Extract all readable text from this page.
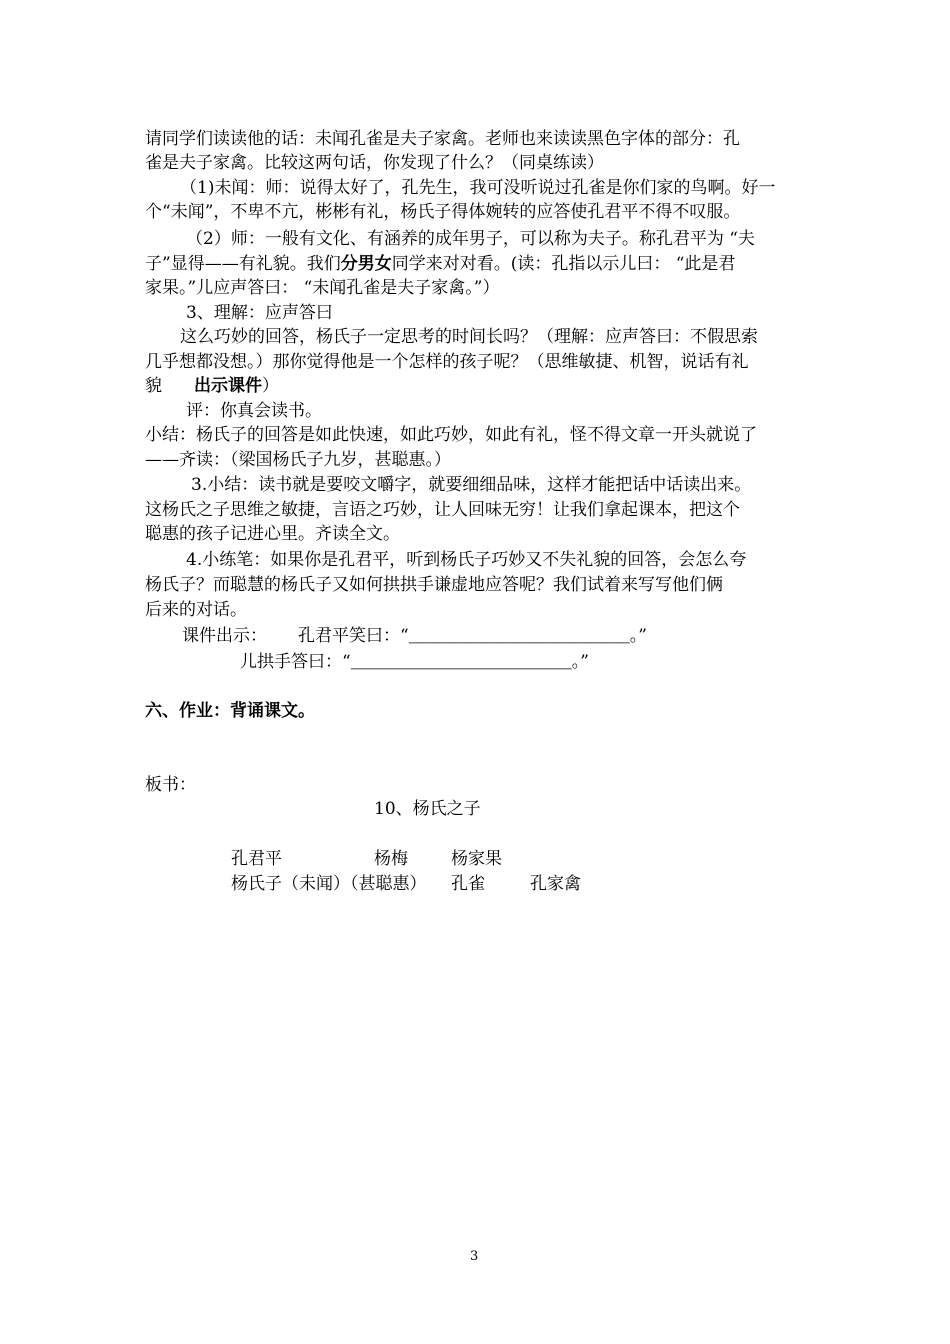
请同学们读读他的话：未闻孔雀是夫子家禽。老师也来读读黑色字体的部分：孔
雀是夫子家禽。比较这两句话，你发现了什么？（同桌练读）
（1)未闻：师：说得太好了，孔先生，我可没听说过孔雀是你们家的鸟啊。好一
个“未闻”，不卑不亢，彬彬有礼，杨氏子得体婉转的应答使孔君平不得不叹服。
（2）师：一般有文化、有涵养的成年男子，可以称为夫子。称孔君平为 “夫
子”显得——有礼貌。我们分男女同学来对对看。(读：孔指以示儿曰： “此是君
家果。”儿应声答曰： “未闻孔雀是夫子家禽。”）
3、理解：应声答曰
这么巧妙的回答，杨氏子一定思考的时间长吗？（理解：应声答曰：不假思索
几乎想都没想。）那你觉得他是一个怎样的孩子呢？（思维敏捷、机智，说话有礼
貌 出示课件）
评：你真会读书。
小结：杨氏子的回答是如此快速，如此巧妙，如此有礼，怪不得文章一开头就说了
——齐读：（梁国杨氏子九岁，甚聪惠。）
3.小结：读书就是要咬文嚼字，就要细细品味，这样才能把话中话读出来。
这杨氏之子思维之敏捷，言语之巧妙，让人回味无穷！让我们拿起课本，把这个
聪惠的孩子记进心里。齐读全文。
4.小练笔：如果你是孔君平，听到杨氏子巧妙又不失礼貌的回答，会怎么夸
杨氏子？而聪慧的杨氏子又如何拱拱手谦虚地应答呢？我们试着来写写他们俩
后来的对话。
课件出示： 孔君平笑曰：“＿＿＿＿＿＿＿＿＿＿＿＿＿。”
儿拱手答曰：“＿＿＿＿＿＿＿＿＿＿＿＿＿。”
六、作业：背诵课文。
板书：
10、杨氏之子
孔君平	杨梅	杨家果
杨氏子（未闻）（甚聪惠） 孔雀	孔家禽
3
